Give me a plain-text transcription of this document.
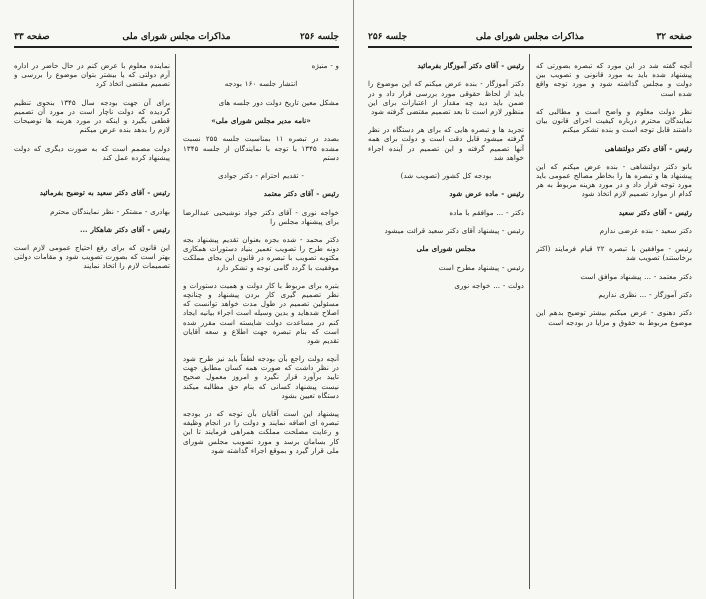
جلسه ۲۵۶
مذاکرات مجلس شورای ملی
صفحه ۳۳

و - منیژه

انتشار جلسه ۱۶۰ بودجه

مشکل معین تاریخ دولت دور جلسه های

«نامه مدیر مجلس شورای ملی»

بصدد در تبصره ۱۱ بمناسبت جلسه ۲۵۵ نسبت مشده ۱۳۴۵ با توجه با نمایندگان از جلسه ۱۳۴۵ دستم

- تقدیم احترام - دکتر جوادی

رئیس - آقای دکتر معتمد

خواجه نوری - آقای دکتر جواد نوشیحیی عبدالرضا برای پیشنهاد مجلس را

دکتر محمد - شده بجزه بعنوان تقدیم پیشنهاد بجه دونه طرح را تصویب تعمیر بنیاد دستورات همکاری مکتوبه تصویب با تبصره در قانون این بجای مملکت موفقیت با گردد گامی توجه و تشکر دارد

بتبره برای مربوط با کار دولت و همیت دستورات و نظر تصمیم گیری کار بردن پیشنهاد و چنانچه مسئولین تصمیم در طول مدت خواهد توانست که اصلاح شدهاید و بدین وسیله است اجراء بیانیه ایجاد کنم در مساعدت دولت شایسته است مقرر شده است که بنام تبصره جهت اطلاع و سعه آقایان تقدیم شود

آنچه دولت راجع بآن بودجه لطفاً باید نیز طرح شود در نظر داشت که صورت همه کسان مطابق جهت تایید برآورد قرار نگیرد و امروز معمول صحیح نیست پیشنهاد کسانی که بنام حق مطالبه میکند دستگاه تعیین بشود

پیشنهاد این است آقایان بآن توجه که در بودجه تبصره ای اضافه نمایند و دولت را در انجام وظیفه و رعایت مصلحت مملکت همراهی فرمایند تا این کار بسامان برسد و مورد تصویب مجلس شورای ملی قرار گیرد و بموقع اجراء گذاشته شود

نماینده معلوم با عرض کنم در حال حاضر در اداره آرم دولتی که یا بیشتر بتوان موضوع را بررسی و تصمیم مقتضی اتخاذ کرد

برای آن جهت بودجه سال ۱۳۴۵ بنحوی تنظیم گردیده که دولت ناچار است در مورد آن تصمیم قطعی بگیرد و اینکه در مورد هزینه ها توضیحات لازم را بدهد بنده عرض میکنم

دولت مصمم است که به صورت دیگری که دولت پیشنهاد کرده عمل کند

رئیس - آقای دکتر سعید به توضیح بفرمائید

بهادری - مشتکر - نظر نمایندگان محترم

رئیس - آقای دکتر شاهکار ...

این قانون که برای رفع احتیاج عمومی لازم است بهتر است که بصورت تصویب شود و مقامات دولتی تصمیمات لازم را اتخاذ نمایند

صفحه ۳۲
مذاکرات مجلس شورای ملی
جلسه ۲۵۶

آنچه گفته شد در این مورد که تبصره بصورتی که پیشنهاد شده باید به مورد قانونی و تصویب بین دولت و مجلس گذاشته شود و مورد توجه واقع شده است

نظر دولت معلوم و واضح است و مطالبی که نمایندگان محترم درباره کیفیت اجرای قانون بیان داشتند قابل توجه است و بنده تشکر میکنم

رئیس - آقای دکتر دولتشاهی

بانو دکتر دولتشاهی - بنده عرض میکنم که این پیشنهاد ها و تبصره ها را بخاطر مصالح عمومی باید مورد توجه قرار داد و در مورد هزینه مربوط به هر کدام از موارد تصمیم لازم اتخاذ شود

رئیس - آقای دکتر سعید

دکتر سعید - بنده عرضی ندارم

رئیس - موافقین با تبصره ۲۲ قیام فرمایند (اکثر برخاستند) تصویب شد

دکتر معتمد - ... پیشنهاد موافق است

دکتر آموزگار - ... نظری نداریم

دکتر دهنوی - عرض میکنم بیشتر توضیح بدهم این موضوع مربوط به حقوق و مزایا در بودجه است

رئیس - آقای دکتر آموزگار بفرمائید

دکتر آموزگار - بنده عرض میکنم که این موضوع را باید از لحاظ حقوقی مورد بررسی قرار داد و در ضمن باید دید چه مقدار از اعتبارات برای این منظور لازم است تا بعد تصمیم مقتضی گرفته شود

تجرید ها و تبصره هایی که برای هر دستگاه در نظر گرفته میشود قابل دقت است و دولت برای همه آنها تصمیم گرفته و این تصمیم در آینده اجراء خواهد شد

بودجه کل کشور (تصویب شد)

رئیس - ماده عرض شود

دکتر - ... موافقم با ماده

رئیس - پیشنهاد آقای دکتر سعید قرائت میشود

مجلس شورای ملی

رئیس - پیشنهاد مطرح است

دولت - ... خواجه نوری
